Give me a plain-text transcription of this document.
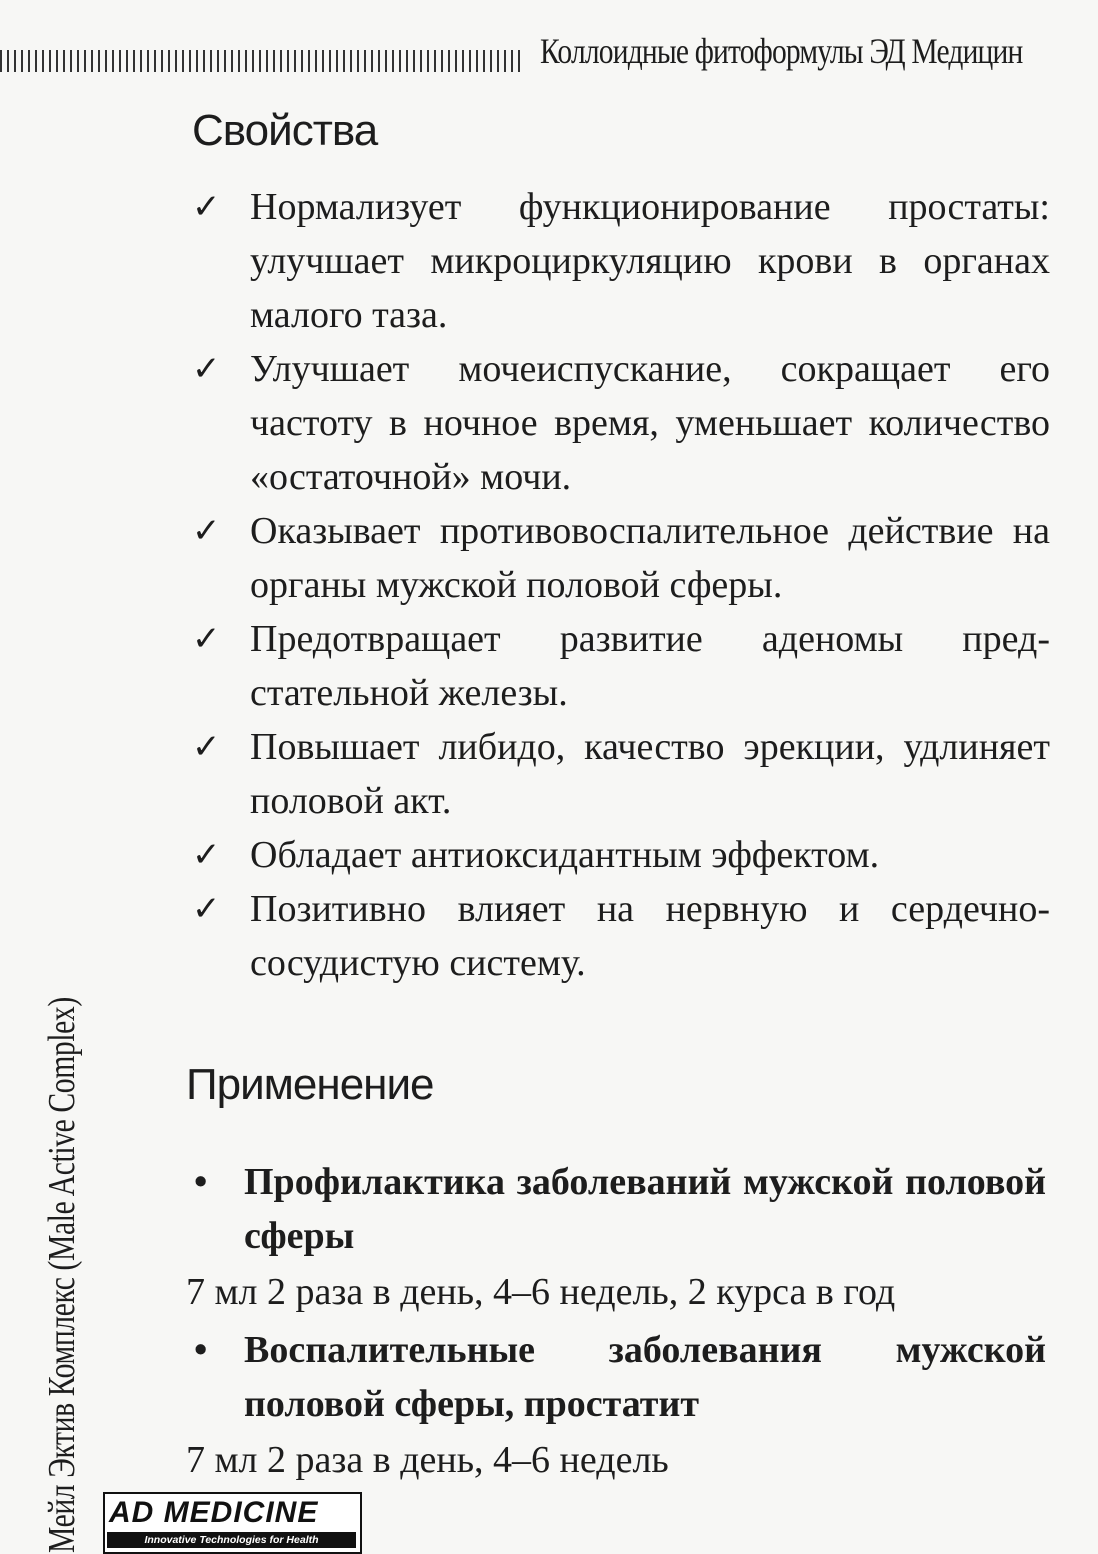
Коллоидные фитоформулы ЭД Медицин
Мейл Эктив Комплекс (Male Active Complex)
Свойства
✓ Нормализует функционирование простаты: улучшает микроциркуляцию крови в органах малого таза.
✓ Улучшает мочеиспускание, сокращает его частоту в ночное время, уменьшает количество «остаточной» мочи.
✓ Оказывает противовоспалительное действие на органы мужской половой сферы.
✓ Предотвращает развитие аденомы предстательной железы.
✓ Повышает либидо, качество эрекции, удлиняет половой акт.
✓ Обладает антиоксидантным эффектом.
✓ Позитивно влияет на нервную и сердечнососудистую систему.
Применение
• Профилактика заболеваний мужской половой сферы
7 мл 2 раза в день, 4–6 недель, 2 курса в год
• Воспалительные заболевания мужской половой сферы, простатит
7 мл 2 раза в день, 4–6 недель
AD MEDICINE
Innovative Technologies for Health
